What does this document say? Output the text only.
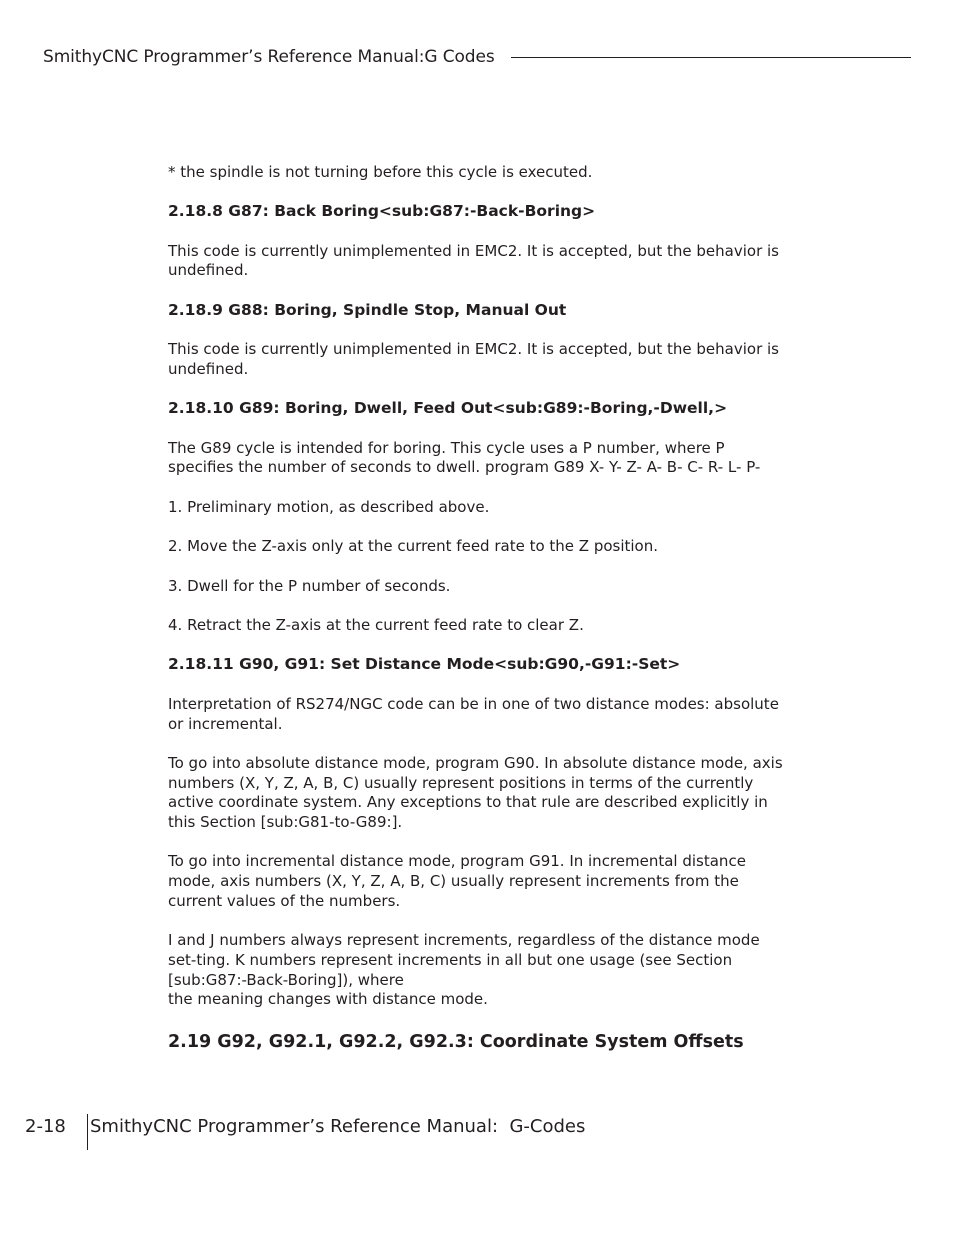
SmithyCNC Programmer’s Reference Manual:G Codes

* the spindle is not turning before this cycle is executed.

2.18.8 G87: Back Boring<sub:G87:-Back-Boring>

This code is currently unimplemented in EMC2. It is accepted, but the behavior is undefined.

2.18.9 G88: Boring, Spindle Stop, Manual Out

This code is currently unimplemented in EMC2. It is accepted, but the behavior is undefined.

2.18.10 G89: Boring, Dwell, Feed Out<sub:G89:-Boring,-Dwell,>

The G89 cycle is intended for boring. This cycle uses a P number, where P specifies the number of seconds to dwell. program G89 X- Y- Z- A- B- C- R- L- P-

1. Preliminary motion, as described above.

2. Move the Z-axis only at the current feed rate to the Z position.

3. Dwell for the P number of seconds.

4. Retract the Z-axis at the current feed rate to clear Z.

2.18.11 G90, G91: Set Distance Mode<sub:G90,-G91:-Set>

Interpretation of RS274/NGC code can be in one of two distance modes: absolute or incremental.

To go into absolute distance mode, program G90. In absolute distance mode, axis numbers (X, Y, Z, A, B, C) usually represent positions in terms of the currently active coordinate system. Any exceptions to that rule are described explicitly in this Section [sub:G81-to-G89:].

To go into incremental distance mode, program G91. In incremental distance mode, axis numbers (X, Y, Z, A, B, C) usually represent increments from the current values of the numbers.

I and J numbers always represent increments, regardless of the distance mode set-ting. K numbers represent increments in all but one usage (see Section [sub:G87:-Back-Boring]), where
the meaning changes with distance mode.

2.19 G92, G92.1, G92.2, G92.3: Coordinate System Offsets
2-18	SmithyCNC Programmer’s Reference Manual:  G-Codes
